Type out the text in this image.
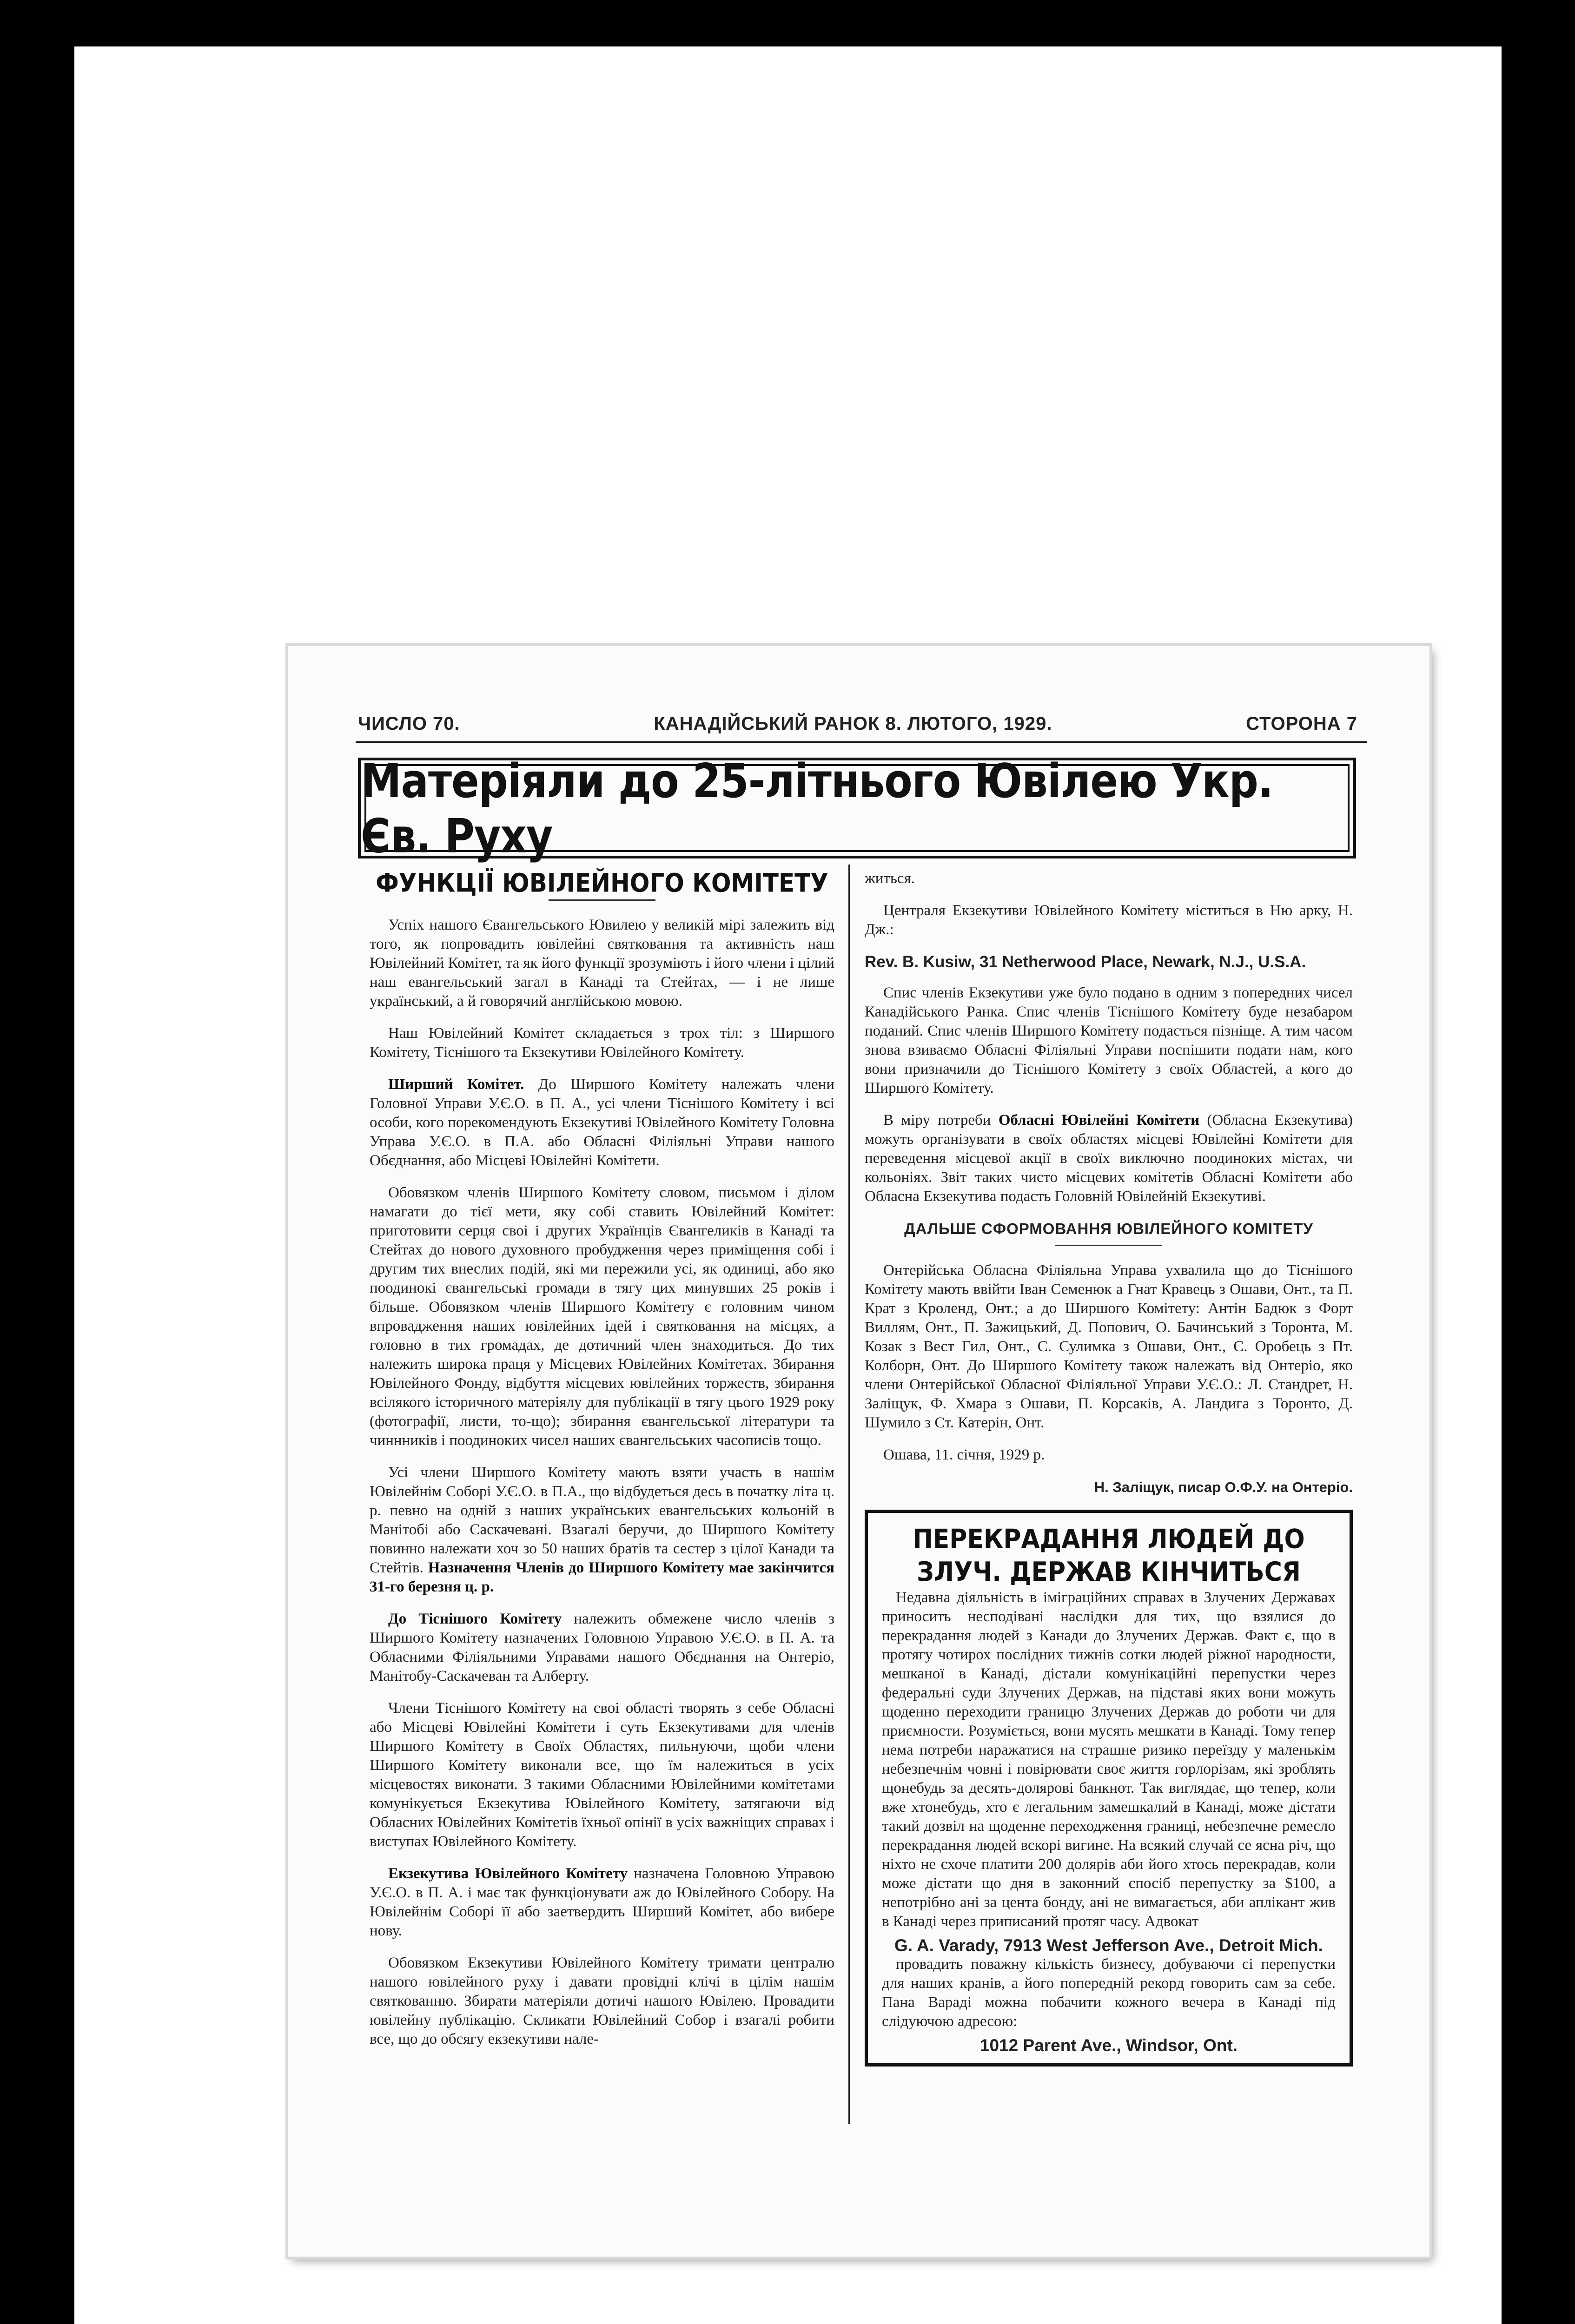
ЧИСЛО 70.	КАНАДІЙСЬКИЙ РАНОК 8. ЛЮТОГО, 1929.	СТОРОНА 7
Матеріяли до 25-літнього Ювілею Укр. Єв. Руху
ФУНКЦІЇ ЮВІЛЕЙНОГО КОМІТЕТУ

Успіх нашого Євангельського Ювилею у великій мірі залежить від того, як попровадить ювілейні святковання та активність наш Ювілейний Комітет, та як його функції зрозуміють і його члени і цілий наш евангельський загал в Канаді та Стейтах, — і не лише український, а й говорячий англійською мовою.

Наш Ювілейний Комітет складається з трох тіл: з Ширшого Комітету, Тіснішого та Екзекутиви Ювілейного Комітету.

Ширший Комітет. До Ширшого Комітету належать члени Головної Управи У.Є.О. в П. А., усі члени Тіснішого Комітету і всі особи, кого порекомендують Екзекутиві Ювілейного Комітету Головна Управа У.Є.О. в П.А. або Обласні Філіяльні Управи нашого Обєднання, або Місцеві Ювілейні Комітети.

Обовязком членів Ширшого Комітету словом, письмом і ділом намагати до тієї мети, яку собі ставить Ювілейний Комітет: приготовити серця своі і других Українців Євангеликів в Канаді та Стейтах до нового духовного пробудження через приміщення собі і другим тих внеслих подій, які ми пережили усі, як одиниці, або яко поодинокі євангельські громади в тягу цих минувших 25 років і більше. Обовязком членів Ширшого Комітету є головним чином впровадження наших ювілейних ідей і святковання на місцях, а головно в тих громадах, де дотичний член знаходиться. До тих належить широка праця у Місцевих Ювілейних Комітетах. Збирання Ювілейного Фонду, відбуття місцевих ювілейних торжеств, збирання всілякого історичного матеріялу для публікації в тягу цього 1929 року (фотографії, листи, то-що); збирання євангельської літератури та чиннників і поодиноких чисел наших євангельських часописів тощо.

Усі члени Ширшого Комітету мають взяти участь в нашім Ювілейнім Соборі У.Є.О. в П.А., що відбудеться десь в початку літа ц. р. певно на одній з наших українських евангельських кольоній в Манітобі або Саскачевані. Взагалі беручи, до Ширшого Комітету повинно належати хоч зо 50 наших братів та сестер з цілої Канади та Стейтів. Назначення Членів до Ширшого Комітету мае закінчится 31-го березня ц. р.

До Тіснішого Комітету належить обмежене число членів з Ширшого Комітету назначених Головною Управою У.Є.О. в П. А. та Обласними Філіяльними Управами нашого Обєднання на Онтеріо, Манітобу-Саскачеван та Алберту.

Члени Тіснішого Комітету на своі області творять з себе Обласні або Місцеві Ювілейні Комітети і суть Екзекутивами для членів Ширшого Комітету в Своїх Областях, пильнуючи, щоби члени Ширшого Комітету виконали все, що їм належиться в усіх місцевостях виконати. З такими Обласними Ювілейними комітетами комунікується Екзекутива Ювілейного Комітету, затягаючи від Обласних Ювілейних Комітетів їхньої опінії в усіх важніщих справах і виступах Ювілейного Комітету.

Екзекутива Ювілейного Комітету назначена Головною Управою У.Є.О. в П. А. і має так функціонувати аж до Ювілейного Собору. На Ювілейнім Соборі її або заетвердить Ширший Комітет, або вибере нову.

Обовязком Екзекутиви Ювілейного Комітету тримати централю нашого ювілейного руху і давати провідні клічі в цілім нашім святкованню. Збирати матеріяли дотичі нашого Ювілею. Провадити ювілейну публікацію. Скликати Ювілейний Собор і взагалі робити все, що до обсягу екзекутиви нале-

житься.

Централя Екзекутиви Ювілейного Комітету міститься в Ню арку, Н. Дж.:

Rev. B. Kusiw, 31 Netherwood Place, Newark, N.J., U.S.A.

Спис членів Екзекутиви уже було подано в одним з попередних чисел Канадійського Ранка. Спис членів Тіснішого Комітету буде незабаром поданий. Спис членів Ширшого Комітету подасться пізніще. А тим часом знова взиваємо Обласні Філіяльні Управи поспішити подати нам, кого вони призначили до Тіснішого Комітету з своїх Областей, а кого до Ширшого Комітету.

В міру потреби Обласні Ювілейні Комітети (Обласна Екзекутива) можуть організувати в своїх областях місцеві Ювілейні Комітети для переведення місцевої акції в своїх виключно поодиноких містах, чи кольоніях. Звіт таких чисто місцевих комітетів Обласні Комітети або Обласна Екзекутива подасть Головній Ювілейній Екзекутиві.

ДАЛЬШЕ СФОРМОВАННЯ ЮВІЛЕЙНОГО КОМІТЕТУ

Онтерійська Обласна Філіяльна Управа ухвалила що до Тіснішого Комітету мають ввійти Іван Семенюк а Гнат Кравець з Ошави, Онт., та П. Крат з Кроленд, Онт.; а до Ширшого Комітету: Антін Бадюк з Форт Виллям, Онт., П. Зажицький, Д. Попович, О. Бачинський з Торонта, М. Козак з Вест Гил, Онт., С. Сулимка з Ошави, Онт., С. Оробець з Пт. Колборн, Онт. До Ширшого Комітету також належать від Онтеріо, яко члени Онтерійської Обласної Філіяльної Управи У.Є.О.: Л. Стандрет, Н. Заліщук, Ф. Хмара з Ошави, П. Корсаків, А. Ландига з Торонто, Д. Шумило з Ст. Катерін, Онт.

Ошава, 11. січня, 1929 р.

Н. Заліщук, писар О.Ф.У. на Онтеріо.

ПЕРЕКРАДАННЯ ЛЮДЕЙ ДО ЗЛУЧ. ДЕРЖАВ КІНЧИТЬСЯ

Недавна діяльність в іміграційних справах в Злучених Державах приносить несподівані наслідки для тих, що взялися до перекрадання людей з Канади до Злучених Держав. Факт є, що в протягу чотирох послідних тижнів сотки людей ріжної народности, мешканої в Канаді, дістали комунікаційні перепустки через федеральні суди Злучених Держав, на підставі яких вони можуть щоденно переходити границю Злучених Держав до роботи чи для приємности. Розуміється, вони мусять мешкати в Канаді. Тому тепер нема потреби наражатися на страшне ризико переїзду у маленькім небезпечнім човні і повірювати своє життя горлорізам, які зроблять щонебудь за десять-долярові банкнот. Так виглядає, що тепер, коли вже хтонебудь, хто є легальним замешкалий в Канаді, може дістати такий дозвіл на щоденне переходження границі, небезпечне ремесло перекрадання людей вскорі вигине. На всякий случай се ясна річ, що ніхто не схоче платити 200 долярів аби його хтось перекрадав, коли може дістати що дня в законний спосіб перепустку за $100, а непотрібно ані за цента бонду, ані не вимагається, аби аплікант жив в Канаді через приписаний протяг часу. Адвокат

G. A. Varady, 7913 West Jefferson Ave., Detroit Mich.

провадить поважну кількість бизнесу, добуваючи сі перепустки для наших кранів, а його попередній рекорд говорить сам за себе. Пана Вараді можна побачити кожного вечера в Канаді під слідуючою адресою:

1012 Parent Ave., Windsor, Ont.
